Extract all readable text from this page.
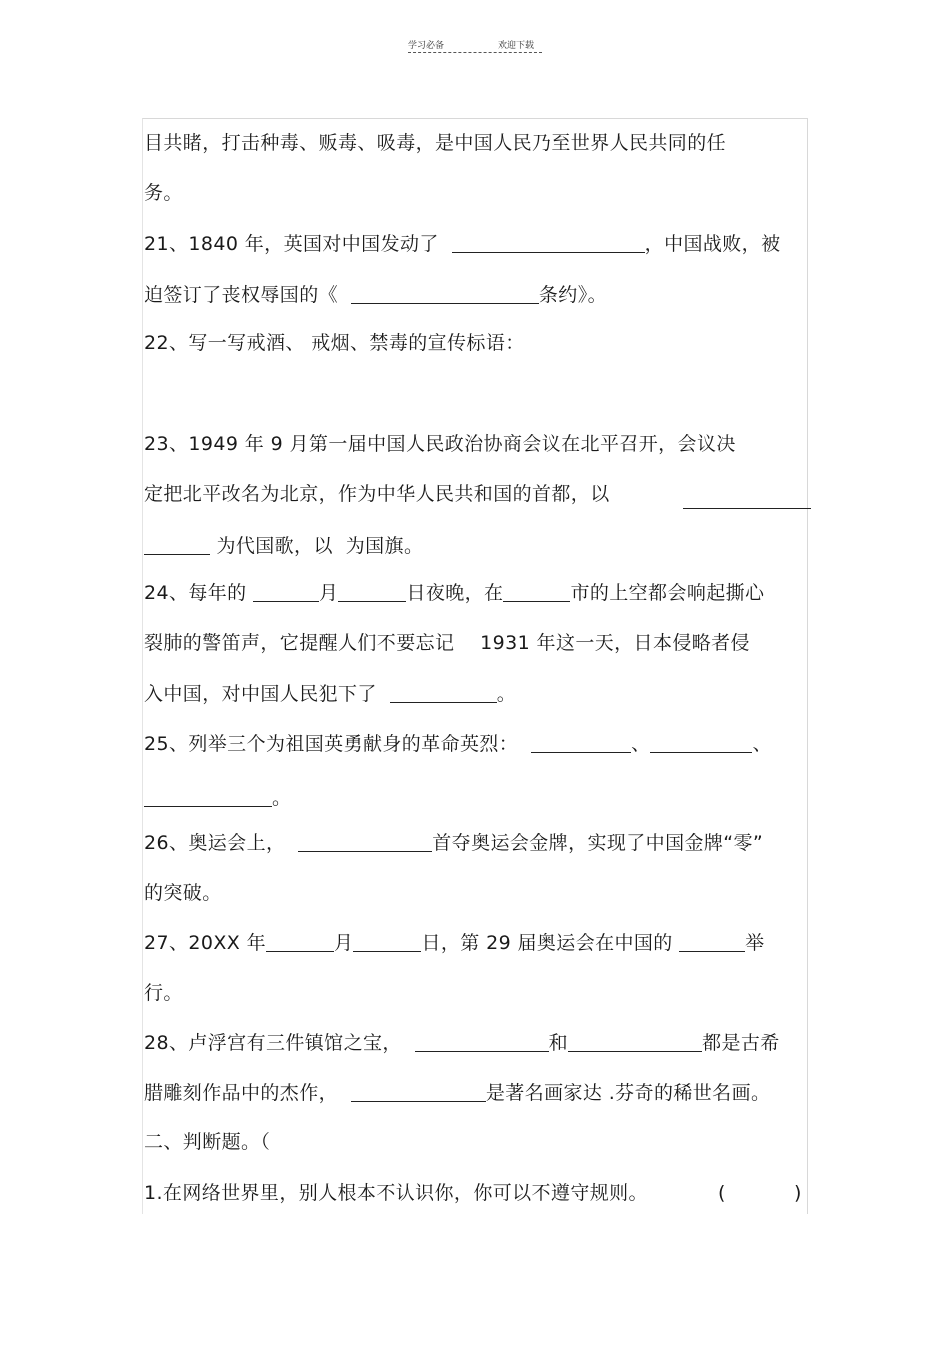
学习必备	欢迎下载
目共睹，打击种毒、贩毒、吸毒，是中国人民乃至世界人民共同的任
务。
21、1840 年，英国对中国发动了	，中国战败，被
迫签订了丧权辱国的《	条约》。
22、写一写戒酒、 戒烟、禁毒的宣传标语：
23、1949 年 9 月第一届中国人民政治协商会议在北平召开，会议决
定把北平改名为北京，作为中华人民共和国的首都，以
为代国歌，以 为国旗。
24、每年的	月	日夜晚，在	市的上空都会响起撕心
裂肺的警笛声，它提醒人们不要忘记    1931 年这一天，日本侵略者侵
入中国，对中国人民犯下了	。
25、列举三个为祖国英勇献身的革命英烈：	、	、
。
26、奥运会上，	首夺奥运会金牌，实现了中国金牌“零”
的突破。
27、20XX 年	月	日，第 29 届奥运会在中国的	举
行。
28、卢浮宫有三件镇馆之宝，	和	都是古希
腊雕刻作品中的杰作，	是著名画家达 .芬奇的稀世名画。
二、判断题。（
1.在网络世界里，别人根本不认识你，你可以不遵守规则。	(	)
